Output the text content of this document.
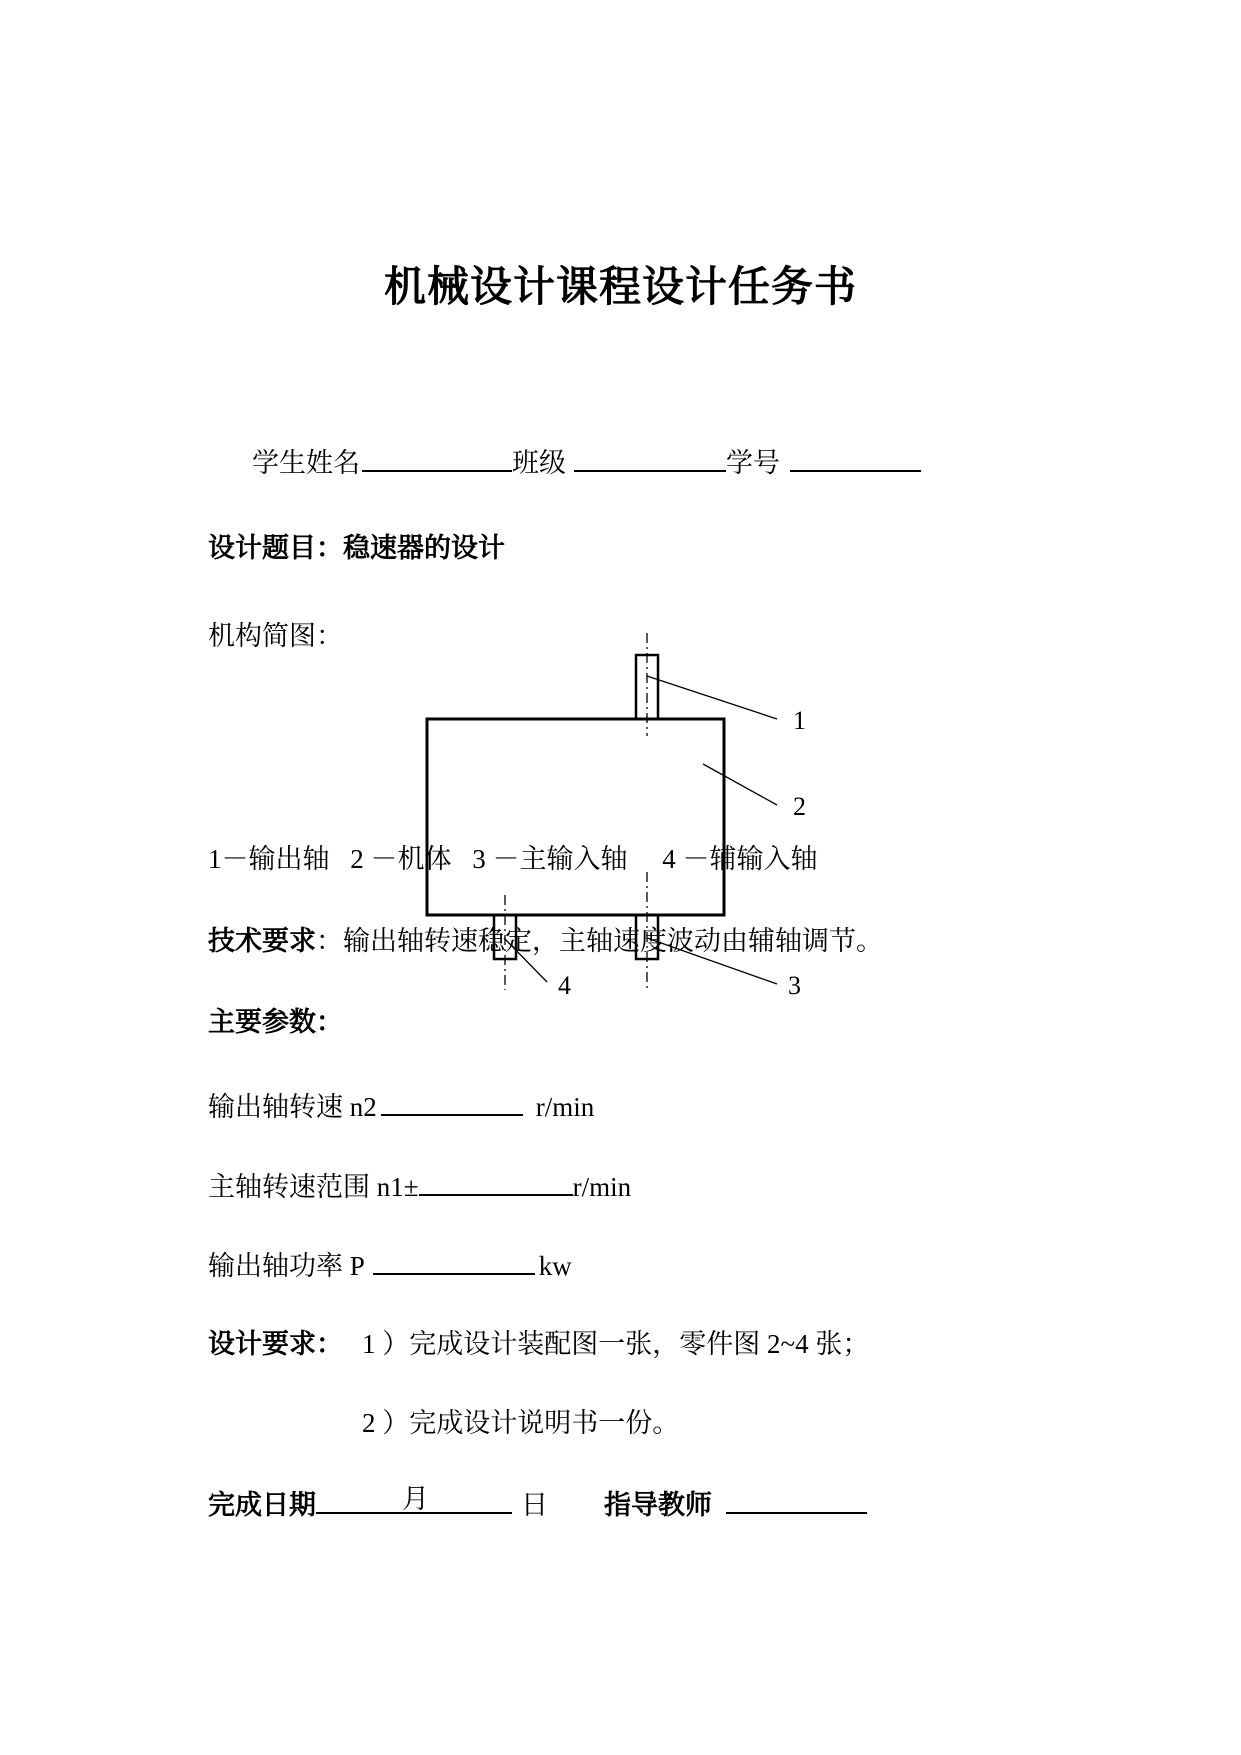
机械设计课程设计任务书
学生姓名	班级	学号
设计题目：稳速器的设计
机构简图：
1
2
3
4
1－输出轴 2 －机体 3 －主输入轴 4 －辅输入轴
技术要求：输出轴转速稳定，主轴速度波动由辅轴调节。
主要参数：
输出轴转速 n2	r/min
主轴转速范围 n1±	r/min
输出轴功率 P	kw
设计要求： 1 ）完成设计装配图一张，零件图 2~4 张；
2 ）完成设计说明书一份。
完成日期	月	日 指导教师
